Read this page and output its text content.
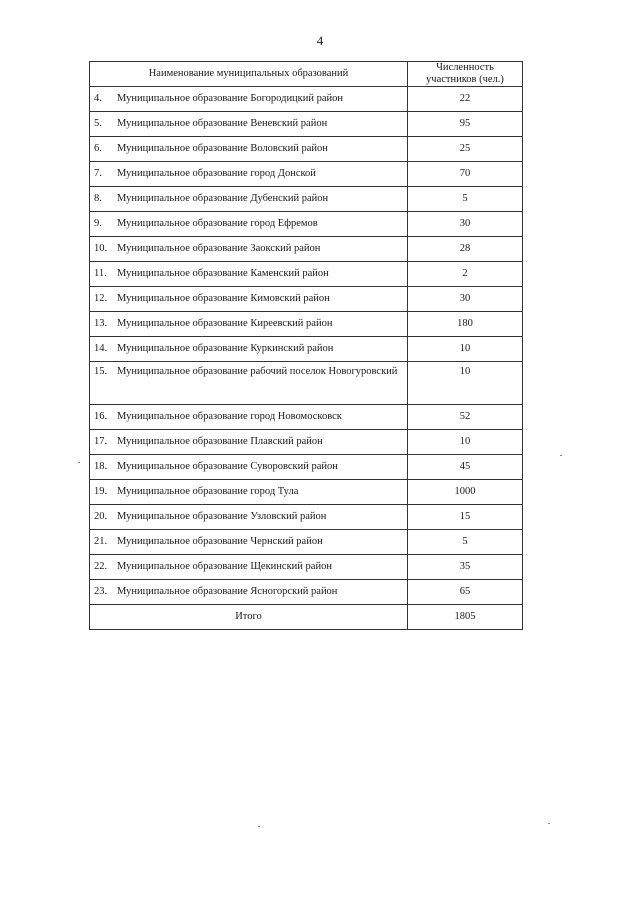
4
Наименование муниципальных образований	Численность участников (чел.)

4. Муниципальное образование Богородицкий район	22

5. Муниципальное образование Веневский район	95

6. Муниципальное образование Воловский район	25

7. Муниципальное образование город Донской	70

8. Муниципальное образование Дубенский район	5

9. Муниципальное образование город Ефремов	30

10. Муниципальное образование Заокский район	28

11. Муниципальное образование Каменский район	2

12. Муниципальное образование Кимовский район	30

13. Муниципальное образование Киреевский район	180

14. Муниципальное образование Куркинский район	10

15. Муниципальное образование рабочий поселок Новогуровский	10

16. Муниципальное образование город Новомосковск	52

17. Муниципальное образование Плавский район	10

18. Муниципальное образование Суворовский район	45

19. Муниципальное образование город Тула	1000

20. Муниципальное образование Узловский район	15

21. Муниципальное образование Чернский район	5

22. Муниципальное образование Щекинский район	35

23. Муниципальное образование Ясногорский район	65
Итого	1805
